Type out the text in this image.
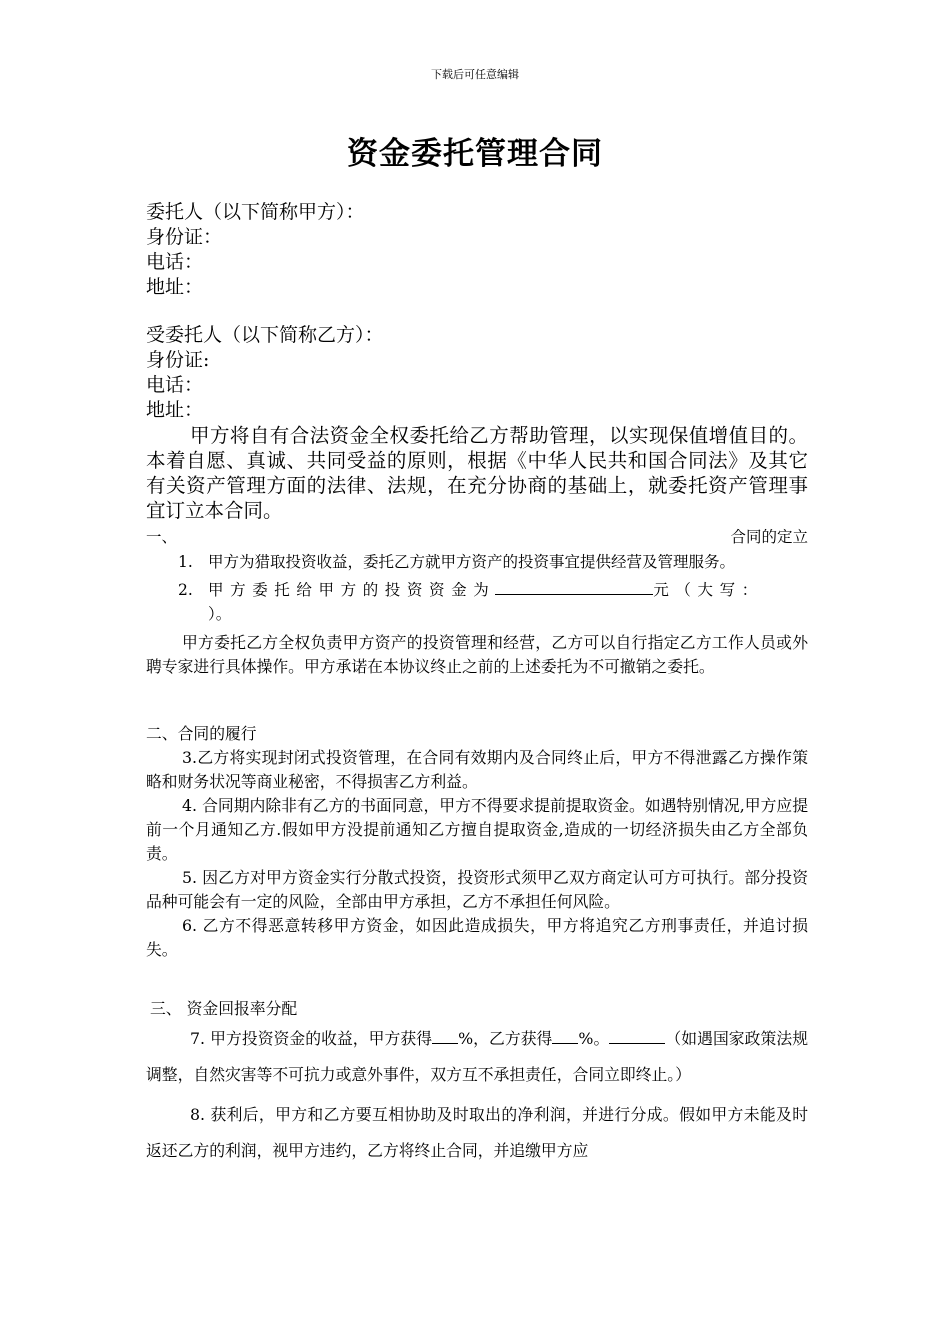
下载后可任意编辑
资金委托管理合同
委托人（以下简称甲方）：
身份证：
电话：
地址：
受委托人（以下简称乙方）：
身份证:
电话：
地址：
甲方将自有合法资金全权委托给乙方帮助管理，以实现保值增值目的。本着自愿、真诚、共同受益的原则，根据《中华人民共和国合同法》及其它有关资产管理方面的法律、法规，在充分协商的基础上，就委托资产管理事宜订立本合同。
一、	合同的定立
1. 甲方为猎取投资收益，委托乙方就甲方资产的投资事宜提供经营及管理服务。
2. 甲方委托给甲方的投资资金为	元（大写：
）。
甲方委托乙方全权负责甲方资产的投资管理和经营，乙方可以自行指定乙方工作人员或外聘专家进行具体操作。甲方承诺在本协议终止之前的上述委托为不可撤销之委托。
二、合同的履行
3.乙方将实现封闭式投资管理，在合同有效期内及合同终止后，甲方不得泄露乙方操作策略和财务状况等商业秘密，不得损害乙方利益。
4. 合同期内除非有乙方的书面同意，甲方不得要求提前提取资金。如遇特别情况,甲方应提前一个月通知乙方.假如甲方没提前通知乙方擅自提取资金,造成的一切经济损失由乙方全部负责。
5. 因乙方对甲方资金实行分散式投资，投资形式须甲乙双方商定认可方可执行。部分投资品种可能会有一定的风险，全部由甲方承担，乙方不承担任何风险。
6. 乙方不得恶意转移甲方资金，如因此造成损失，甲方将追究乙方刑事责任，并追讨损失。
三、 资金回报率分配
7. 甲方投资资金的收益，甲方获得 %，乙方获得 %。	（如遇国家政策法规调整，自然灾害等不可抗力或意外事件，双方互不承担责任，合同立即终止。）
8. 获利后，甲方和乙方要互相协助及时取出的净利润，并进行分成。假如甲方未能及时返还乙方的利润，视甲方违约，乙方将终止合同，并追缴甲方应
